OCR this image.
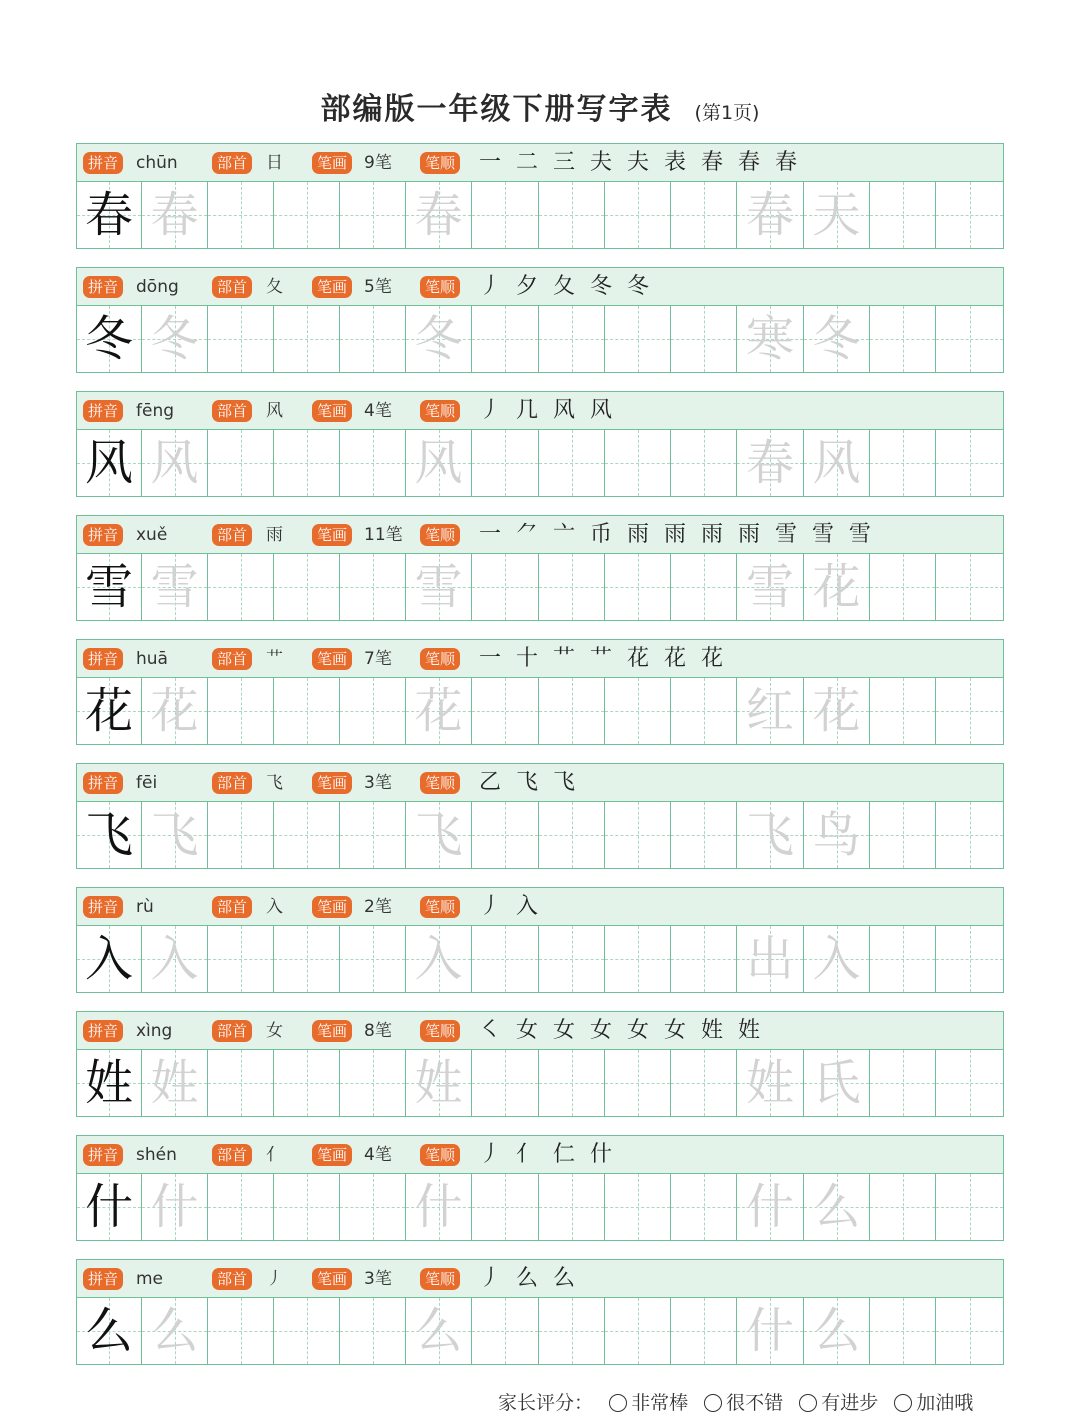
部编版一年级下册写字表 (第1页)
拼音 chūn	部首 日	笔画 9笔	笔顺 一 二 三 夫 夫 表 春 春 春
春 春	春	春 天
拼音 dōng	部首 夂	笔画 5笔	笔顺 丿 夕 夂 冬 冬
冬 冬	冬	寒 冬
拼音 fēng	部首 风	笔画 4笔	笔顺 丿 几 风 风
风 风	风	春 风
拼音 xuě	部首 雨	笔画 11笔	笔顺 一 ⺈ 亠 币 雨 雨 雨 雨 雪 雪 雪
雪 雪	雪	雪 花
拼音 huā	部首 艹	笔画 7笔	笔顺 一 十 艹 艹 花 花 花
花 花	花	红 花
拼音 fēi	部首 飞	笔画 3笔	笔顺 乙 飞 飞
飞 飞	飞	飞 鸟
拼音 rù	部首 入	笔画 2笔	笔顺 丿 入
入 入	入	出 入
拼音 xìng	部首 女	笔画 8笔	笔顺 ㇛ 女 女 女 女 女 姓 姓
姓 姓	姓	姓 氏
拼音 shén	部首 亻	笔画 4笔	笔顺 丿 亻 仁 什
什 什	什	什 么
拼音 me	部首 丿	笔画 3笔	笔顺 丿 么 么
么 么	么	什 么
家长评分： 非常棒 很不错 有进步 加油哦
